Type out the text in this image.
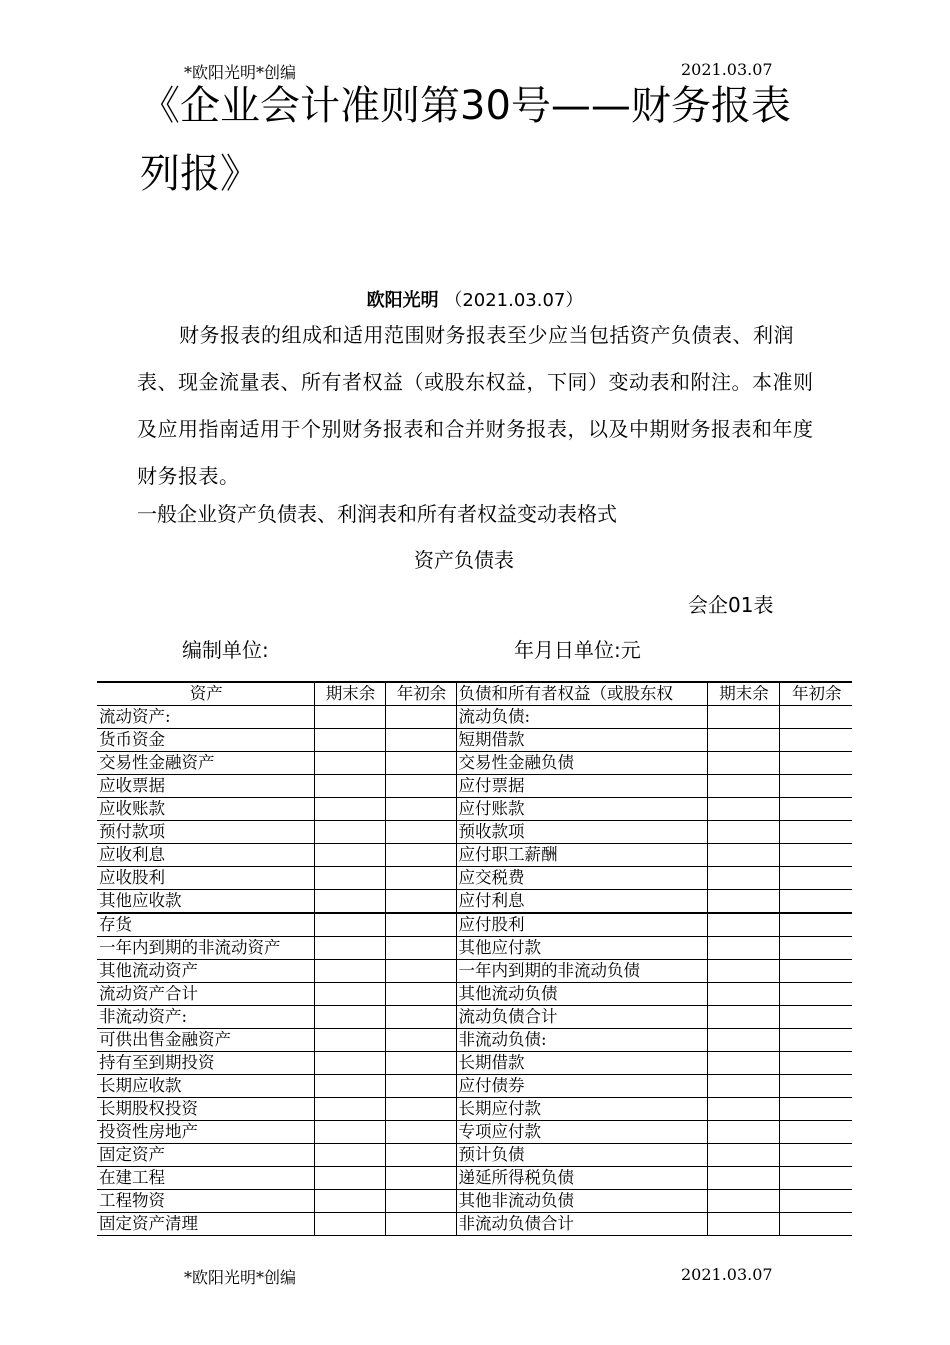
*欧阳光明*创编	2021.03.07
《企业会计准则第30号——财务报表列报》
欧阳光明 （2021.03.07）

财务报表的组成和适用范围财务报表至少应当包括资产负债表、利润表、现金流量表、所有者权益（或股东权益，下同）变动表和附注。本准则及应用指南适用于个别财务报表和合并财务报表，以及中期财务报表和年度财务报表。

一般企业资产负债表、利润表和所有者权益变动表格式
资产负债表
会企01表
编制单位:	年月日单位:元
资产	期末余	年初余	负债和所有者权益（或股东权	期末余	年初余
流动资产:			流动负债:		
货币资金			短期借款		
交易性金融资产			交易性金融负债		
应收票据			应付票据		
应收账款			应付账款		
预付款项			预收款项		
应收利息			应付职工薪酬		
应收股利			应交税费		
其他应收款			应付利息		
存货			应付股利		
一年内到期的非流动资产			其他应付款		
其他流动资产			一年内到期的非流动负债		
流动资产合计			其他流动负债		
非流动资产:			流动负债合计		
可供出售金融资产			非流动负债:		
持有至到期投资			长期借款		
长期应收款			应付债券		
长期股权投资			长期应付款		
投资性房地产			专项应付款		
固定资产			预计负债		
在建工程			递延所得税负债		
工程物资			其他非流动负债		
固定资产清理			非流动负债合计		
*欧阳光明*创编	2021.03.07
